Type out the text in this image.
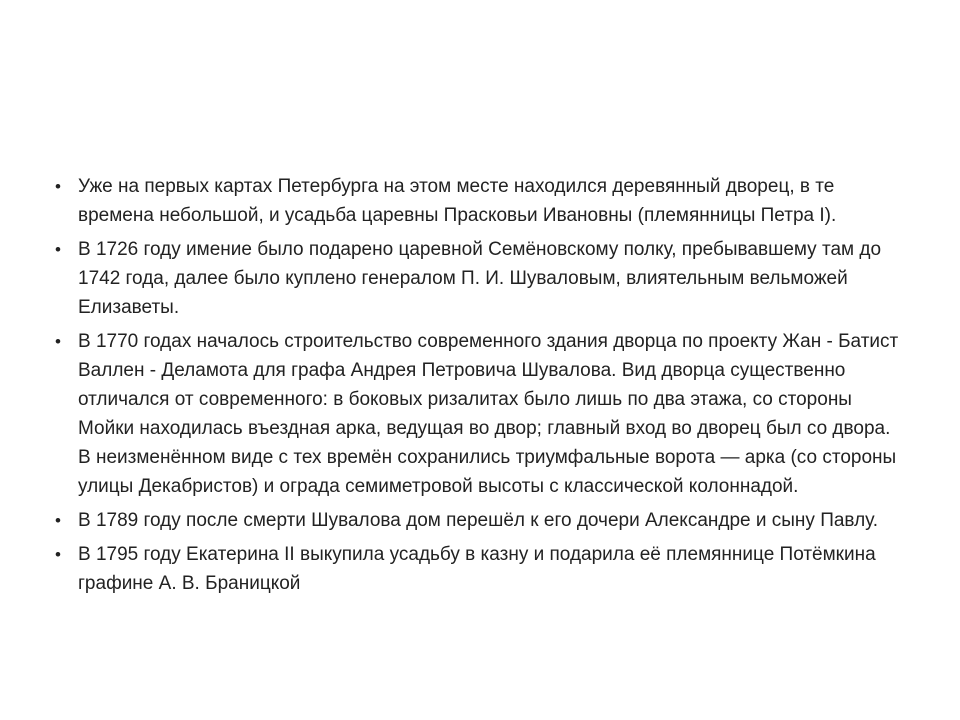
• Уже на первых картах Петербурга на этом месте находился деревянный дворец, в те времена небольшой, и усадьба царевны Прасковьи Ивановны (племянницы Петра I).
• В 1726 году имение было подарено царевной Семёновскому полку, пребывавшему там до 1742 года, далее было куплено генералом П. И. Шуваловым, влиятельным вельможей Елизаветы.
• В 1770 годах началось строительство современного здания дворца по проекту Жан - Батист Валлен - Деламота для графа Андрея Петровича Шувалова. Вид дворца существенно отличался от современного: в боковых ризалитах было лишь по два этажа, со стороны Мойки находилась въездная арка, ведущая во двор; главный вход во дворец был со двора. В неизменённом виде с тех времён сохранились триумфальные ворота — арка (со стороны улицы Декабристов) и ограда семиметровой высоты с классической колоннадой.
• В 1789 году после смерти Шувалова дом перешёл к его дочери Александре и сыну Павлу.
• В 1795 году Екатерина II выкупила усадьбу в казну и подарила её племяннице Потёмкина графине А. В. Браницкой
